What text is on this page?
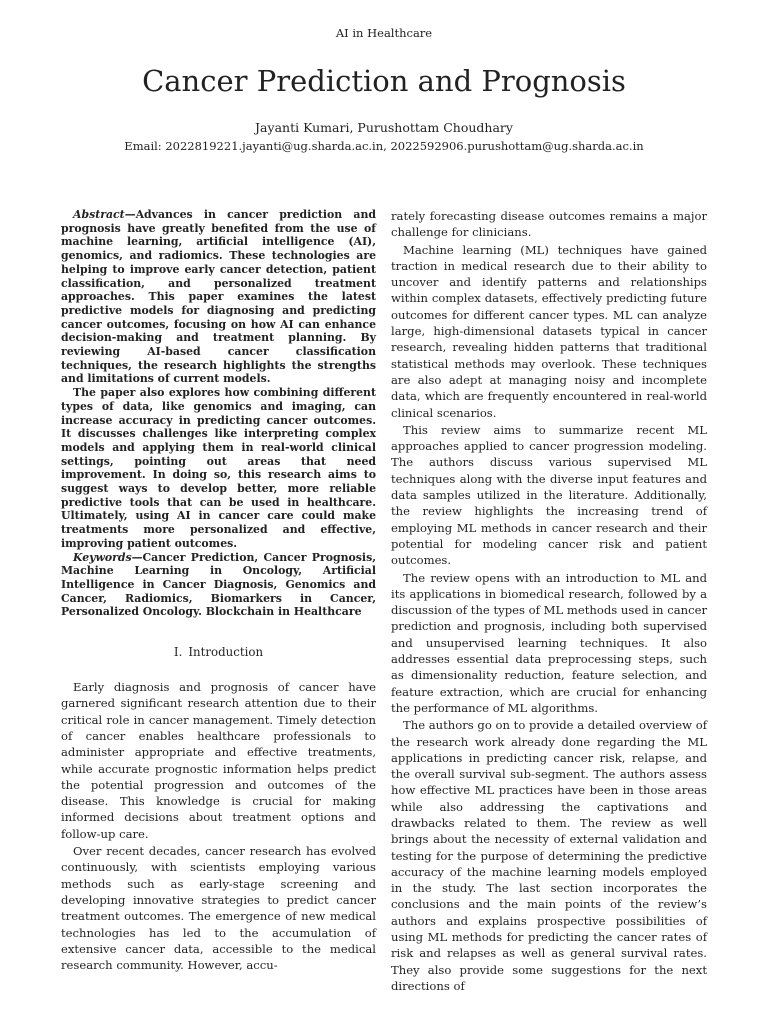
AI in Healthcare
Cancer Prediction and Prognosis
Jayanti Kumari, Purushottam Choudhary
Email: 2022819221.jayanti@ug.sharda.ac.in, 2022592906.purushottam@ug.sharda.ac.in

Abstract—Advances in cancer prediction and prognosis have greatly benefited from the use of machine learning, artificial intelligence (AI), genomics, and radiomics. These technologies are helping to improve early cancer detection, patient classification, and personalized treatment approaches. This paper examines the latest predictive models for diagnosing and predicting cancer outcomes, focusing on how AI can enhance decision-making and treatment planning. By reviewing AI-based cancer classification techniques, the research highlights the strengths and limitations of current models.

The paper also explores how combining different types of data, like genomics and imaging, can increase accuracy in predicting cancer outcomes. It discusses challenges like interpreting complex models and applying them in real-world clinical settings, pointing out areas that need improvement. In doing so, this research aims to suggest ways to develop better, more reliable predictive tools that can be used in healthcare. Ultimately, using AI in cancer care could make treatments more personalized and effective, improving patient outcomes.

Keywords—Cancer Prediction, Cancer Prognosis, Machine Learning in Oncology, Artificial Intelligence in Cancer Diagnosis, Genomics and Cancer, Radiomics, Biomarkers in Cancer, Personalized Oncology. Blockchain in Healthcare

I. Introduction

Early diagnosis and prognosis of cancer have garnered significant research attention due to their critical role in cancer management. Timely detection of cancer enables healthcare professionals to administer appropriate and effective treatments, while accurate prognostic information helps predict the potential progression and outcomes of the disease. This knowledge is crucial for making informed decisions about treatment options and follow-up care.

Over recent decades, cancer research has evolved continuously, with scientists employing various methods such as early-stage screening and developing innovative strategies to predict cancer treatment outcomes. The emergence of new medical technologies has led to the accumulation of extensive cancer data, accessible to the medical research community. However, accu-

rately forecasting disease outcomes remains a major challenge for clinicians.

Machine learning (ML) techniques have gained traction in medical research due to their ability to uncover and identify patterns and relationships within complex datasets, effectively predicting future outcomes for different cancer types. ML can analyze large, high-dimensional datasets typical in cancer research, revealing hidden patterns that traditional statistical methods may overlook. These techniques are also adept at managing noisy and incomplete data, which are frequently encountered in real-world clinical scenarios.

This review aims to summarize recent ML approaches applied to cancer progression modeling. The authors discuss various supervised ML techniques along with the diverse input features and data samples utilized in the literature. Additionally, the review highlights the increasing trend of employing ML methods in cancer research and their potential for modeling cancer risk and patient outcomes.

The review opens with an introduction to ML and its applications in biomedical research, followed by a discussion of the types of ML methods used in cancer prediction and prognosis, including both supervised and unsupervised learning techniques. It also addresses essential data preprocessing steps, such as dimensionality reduction, feature selection, and feature extraction, which are crucial for enhancing the performance of ML algorithms.

The authors go on to provide a detailed overview of the research work already done regarding the ML applications in predicting cancer risk, relapse, and the overall survival sub-segment. The authors assess how effective ML practices have been in those areas while also addressing the captivations and drawbacks related to them. The review as well brings about the necessity of external validation and testing for the purpose of determining the predictive accuracy of the machine learning models employed in the study. The last section incorporates the conclusions and the main points of the review’s authors and explains prospective possibilities of using ML methods for predicting the cancer rates of risk and relapses as well as general survival rates. They also provide some suggestions for the next directions of
